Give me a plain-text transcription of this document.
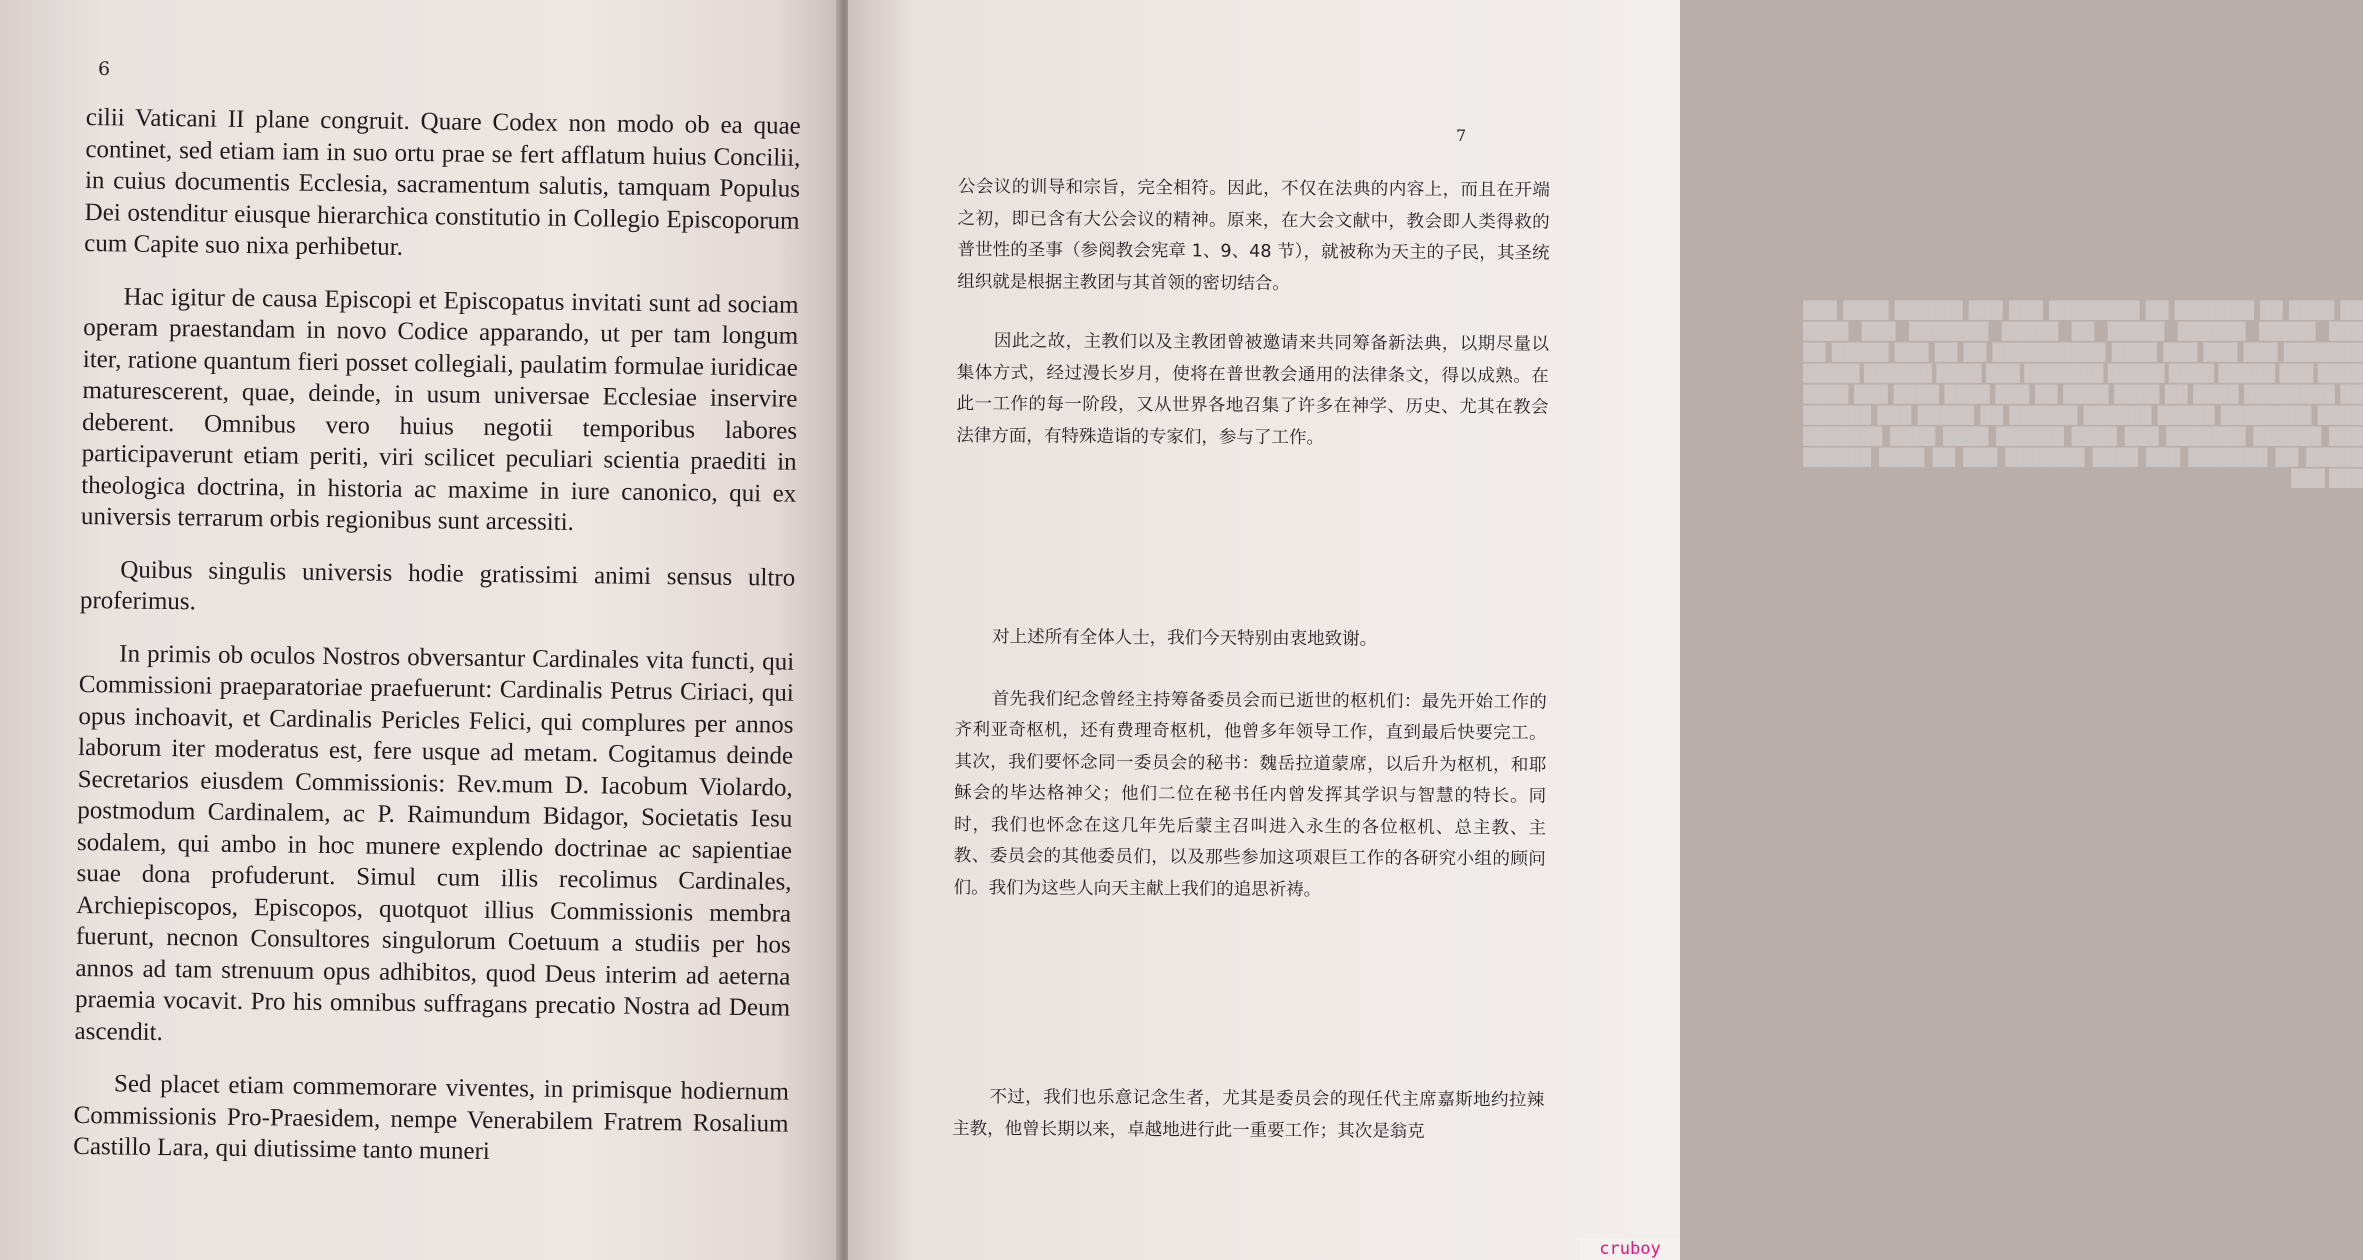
6

cilii Vaticani II plane congruit. Quare Codex non modo ob ea quae continet, sed etiam iam in suo ortu prae se fert afflatum huius Concilii, in cuius documentis Ecclesia, sacramentum salutis, tamquam Populus Dei ostenditur eiusque hierarchica constitutio in Collegio Episcoporum cum Capite suo nixa perhibetur.

Hac igitur de causa Episcopi et Episcopatus invitati sunt ad sociam operam praestandam in novo Codice apparando, ut per tam longum iter, ratione quantum fieri posset collegiali, paulatim formulae iuridicae maturescerent, quae, deinde, in usum universae Ecclesiae inservire deberent. Omnibus vero huius negotii temporibus labores participaverunt etiam periti, viri scilicet peculiari scientia praediti in theologica doctrina, in historia ac maxime in iure canonico, qui ex universis terrarum orbis regionibus sunt arcessiti.

Quibus singulis universis hodie gratissimi animi sensus ultro proferimus.

In primis ob oculos Nostros obversantur Cardinales vita functi, qui Commissioni praeparatoriae praefuerunt: Cardinalis Petrus Ciriaci, qui opus inchoavit, et Cardinalis Pericles Felici, qui complures per annos laborum iter moderatus est, fere usque ad metam. Cogitamus deinde Secretarios eiusdem Commissionis: Rev.mum D. Iacobum Violardo, postmodum Cardinalem, ac P. Raimundum Bidagor, Societatis Iesu sodalem, qui ambo in hoc munere explendo doctrinae ac sapientiae suae dona profuderunt. Simul cum illis recolimus Cardinales, Archiepiscopos, Episcopos, quotquot illius Commissionis membra fuerunt, necnon Consultores singulorum Coetuum a studiis per hos annos ad tam strenuum opus adhibitos, quod Deus interim ad aeterna praemia vocavit. Pro his omnibus suffragans precatio Nostra ad Deum ascendit.

Sed placet etiam commemorare viventes, in primisque hodiernum Commissionis Pro-Praesidem, nempe Venerabilem Fratrem Rosalium Castillo Lara, qui diutissime tanto muneri

██ ████ ██ ███████ ██ ████████ ███ ███ ██████ ████ ███ ███ █████ ██████ █████ ██ █████ ███████ ███ ████ ███████ ███ ███ ███ ████ ██████████ ██ ██ ███ █████ ██ ████ ███ █████ ████ █████ ███████ ███ ████ ██████ █████ ██ ████████ ████ ██ ████ ████ ██ ███ ████ ████ ███ ████ ████ ████████ █████ ██████ ██████ ██ █████ ███ ██████ ███ ██████ ███████ ███ ████ ██████ ████ ████ ███████ █████ ██ ███████ ███ ████ ███████ ███ ██ ████ ██████ ███ ███
7

公会议的训导和宗旨，完全相符。因此，不仅在法典的内容上，而且在开端之初，即已含有大公会议的精神。原来，在大会文献中，教会即人类得救的普世性的圣事（参阅教会宪章 1、9、48 节），就被称为天主的子民，其圣统组织就是根据主教团与其首领的密切结合。

因此之故，主教们以及主教团曾被邀请来共同筹备新法典，以期尽量以集体方式，经过漫长岁月，使将在普世教会通用的法律条文，得以成熟。在此一工作的每一阶段，又从世界各地召集了许多在神学、历史、尤其在教会法律方面，有特殊造诣的专家们，参与了工作。

对上述所有全体人士，我们今天特别由衷地致谢。

首先我们纪念曾经主持筹备委员会而已逝世的枢机们：最先开始工作的齐利亚奇枢机，还有费理奇枢机，他曾多年领导工作，直到最后快要完工。其次，我们要怀念同一委员会的秘书：魏岳拉道蒙席，以后升为枢机，和耶稣会的毕达格神父；他们二位在秘书任内曾发挥其学识与智慧的特长。同时，我们也怀念在这几年先后蒙主召叫进入永生的各位枢机、总主教、主教、委员会的其他委员们，以及那些参加这项艰巨工作的各研究小组的顾问们。我们为这些人向天主献上我们的追思祈祷。

不过，我们也乐意记念生者，尤其是委员会的现任代主席嘉斯地约拉辣主教，他曾长期以来，卓越地进行此一重要工作；其次是翁克

cruboy
